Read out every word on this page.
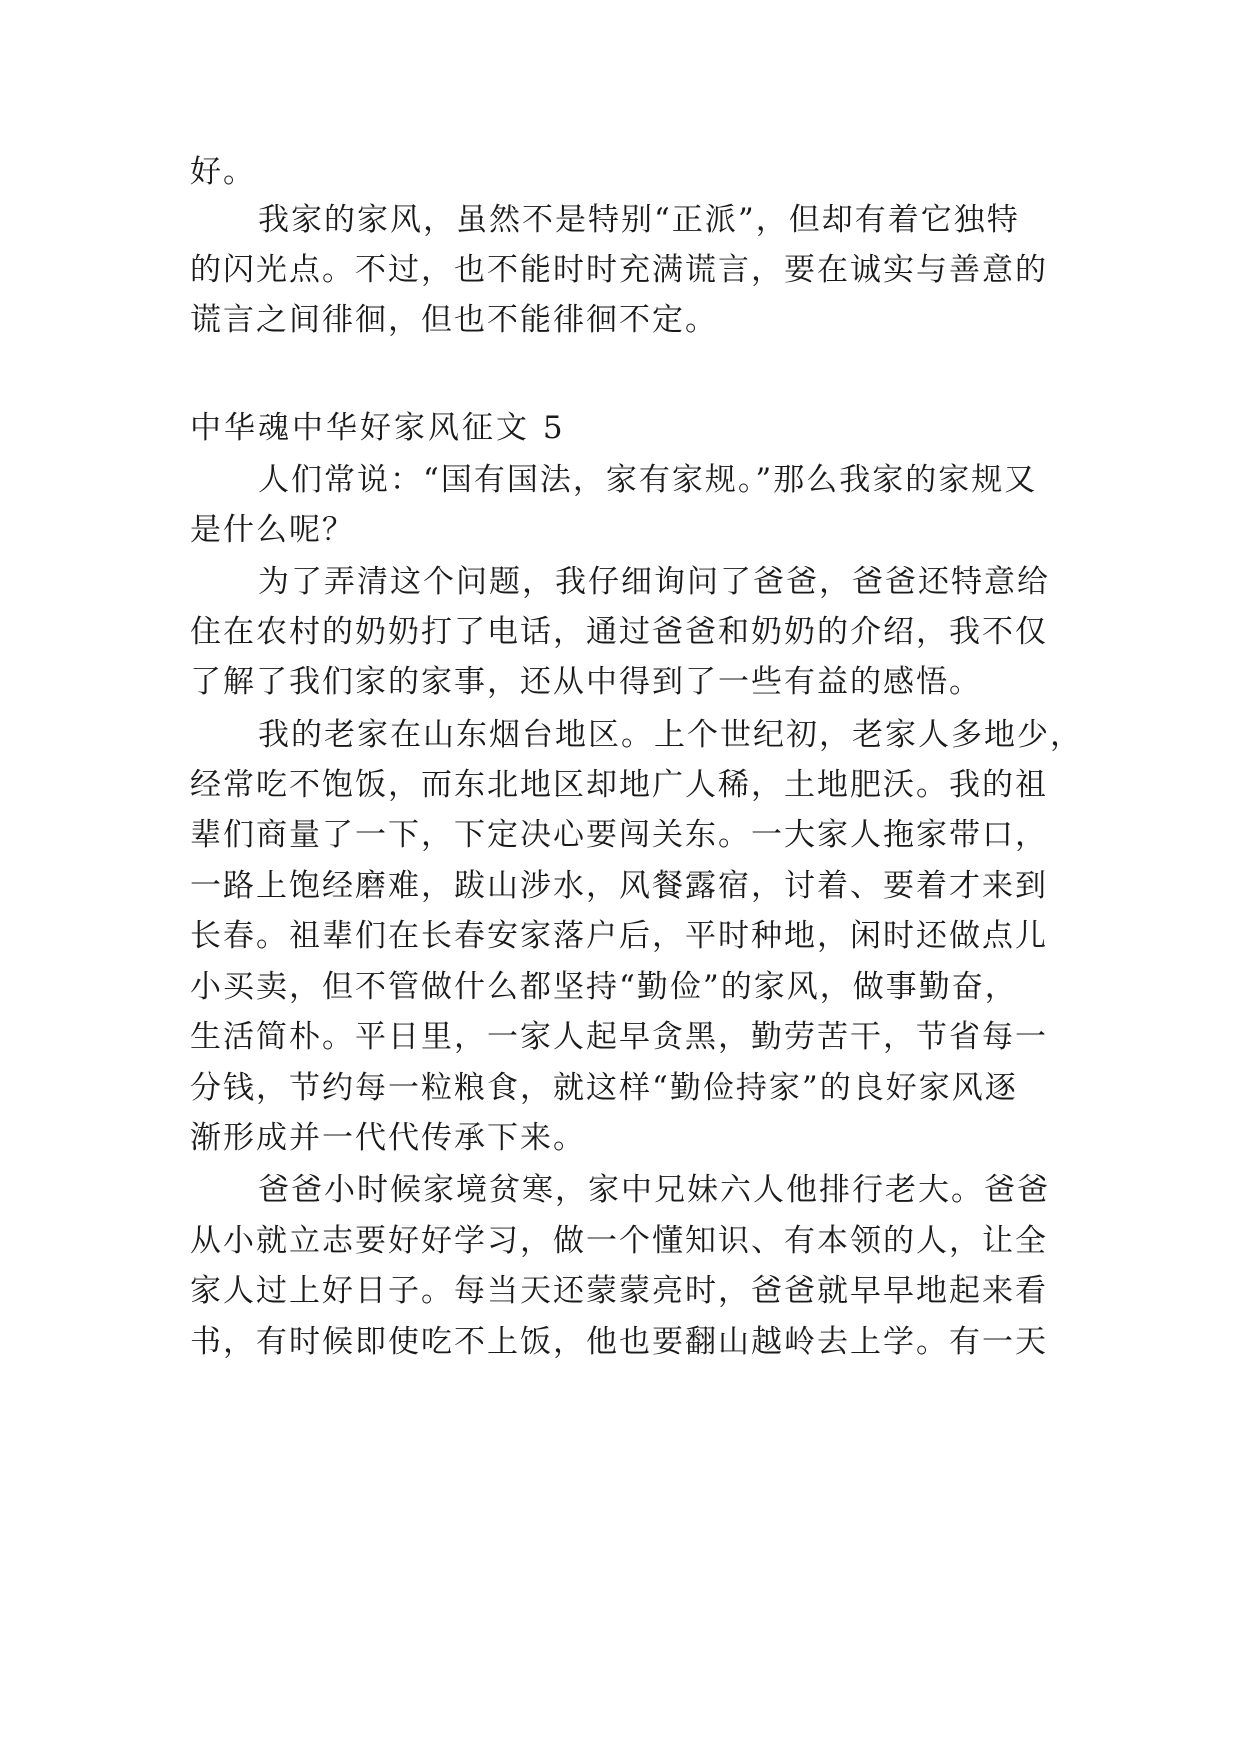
好。
我家的家风，虽然不是特别“正派”，但却有着它独特
的闪光点。不过，也不能时时充满谎言，要在诚实与善意的
谎言之间徘徊，但也不能徘徊不定。
中华魂中华好家风征文 5
人们常说：“国有国法，家有家规。”那么我家的家规又
是什么呢？
为了弄清这个问题，我仔细询问了爸爸，爸爸还特意给
住在农村的奶奶打了电话，通过爸爸和奶奶的介绍，我不仅
了解了我们家的家事，还从中得到了一些有益的感悟。
我的老家在山东烟台地区。上个世纪初，老家人多地少，
经常吃不饱饭，而东北地区却地广人稀，土地肥沃。我的祖
辈们商量了一下，下定决心要闯关东。一大家人拖家带口，
一路上饱经磨难，跋山涉水，风餐露宿，讨着、要着才来到
长春。祖辈们在长春安家落户后，平时种地，闲时还做点儿
小买卖，但不管做什么都坚持“勤俭”的家风，做事勤奋，
生活简朴。平日里，一家人起早贪黑，勤劳苦干，节省每一
分钱，节约每一粒粮食，就这样“勤俭持家”的良好家风逐
渐形成并一代代传承下来。
爸爸小时候家境贫寒，家中兄妹六人他排行老大。爸爸
从小就立志要好好学习，做一个懂知识、有本领的人，让全
家人过上好日子。每当天还蒙蒙亮时，爸爸就早早地起来看
书，有时候即使吃不上饭，他也要翻山越岭去上学。有一天
